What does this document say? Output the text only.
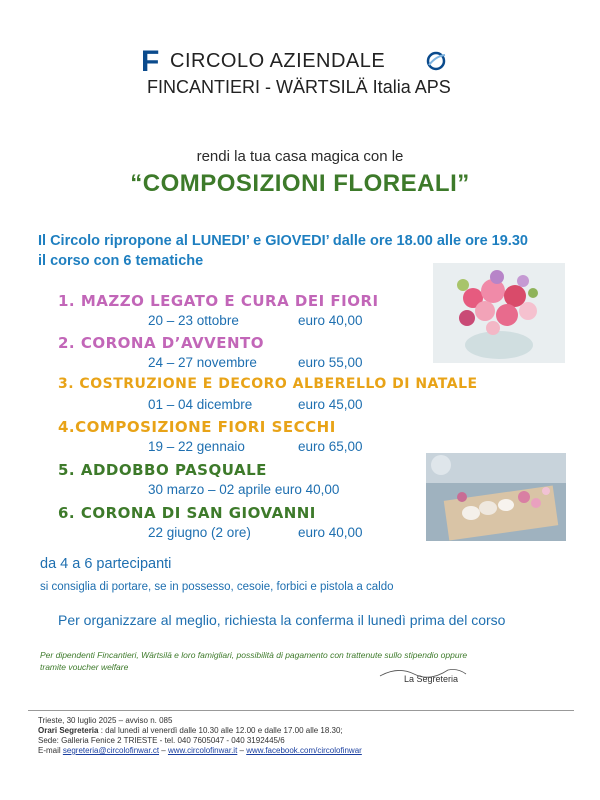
F CIRCOLO AZIENDALE
FINCANTIERI - WÄRTSILÄ Italia APS
rendi la tua casa magica con le
“COMPOSIZIONI FLOREALI”
Il Circolo ripropone al LUNEDI’ e GIOVEDI’ dalle ore 18.00 alle ore 19.30
il corso con 6 tematiche
1. MAZZO LEGATO E CURA DEI FIORI
20 – 23 ottobre	euro 40,00
2. CORONA D’AVVENTO
24 – 27 novembre	euro 55,00
3. COSTRUZIONE E DECORO ALBERELLO DI NATALE
01 – 04 dicembre	euro 45,00
4.COMPOSIZIONE FIORI SECCHI
19 – 22 gennaio	euro 65,00
5. ADDOBBO PASQUALE
30 marzo – 02 aprile euro 40,00
6. CORONA DI SAN GIOVANNI
22 giugno (2 ore)	euro 40,00
da 4 a 6 partecipanti
si consiglia di portare, se in possesso, cesoie, forbici e pistola a caldo
Per organizzare al meglio, richiesta la conferma il lunedì prima del corso
Per dipendenti Fincantieri, Wärtsilä e loro famigliari, possibilità di pagamento con trattenute sullo stipendio oppure
tramite voucher welfare
La Segreteria
Trieste, 30 luglio 2025 – avviso n. 085
Orari Segreteria : dal lunedì al venerdì dalle 10.30 alle 12.00 e dalle 17.00 alle 18.30;
Sede: Galleria Fenice 2 TRIESTE - tel. 040 7605047 - 040 3192445/6
E-mail segreteria@circolofinwar.ct – www.circolofinwar.it – www.facebook.com/circolofinwar
